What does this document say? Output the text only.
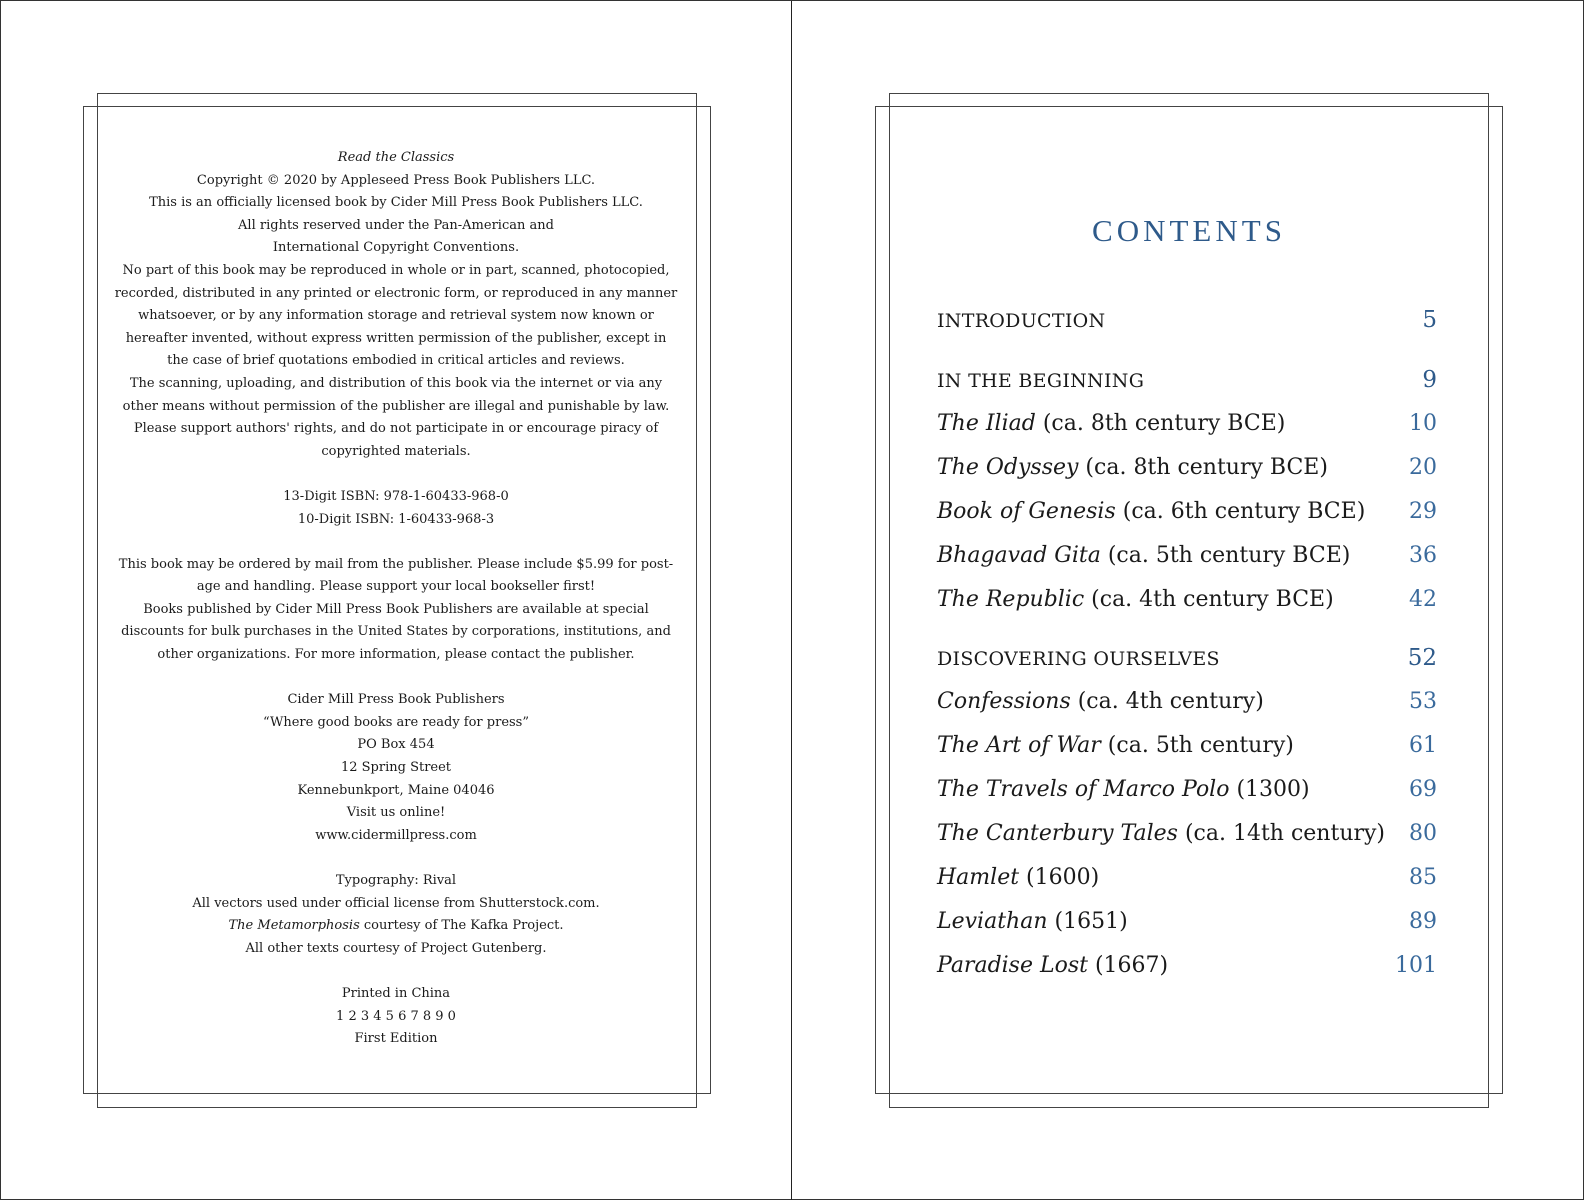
Read the Classics

Copyright © 2020 by Appleseed Press Book Publishers LLC.

This is an officially licensed book by Cider Mill Press Book Publishers LLC.

All rights reserved under the Pan-American and

International Copyright Conventions.

No part of this book may be reproduced in whole or in part, scanned, photocopied,

recorded, distributed in any printed or electronic form, or reproduced in any manner

whatsoever, or by any information storage and retrieval system now known or

hereafter invented, without express written permission of the publisher, except in

the case of brief quotations embodied in critical articles and reviews.

The scanning, uploading, and distribution of this book via the internet or via any

other means without permission of the publisher are illegal and punishable by law.

Please support authors' rights, and do not participate in or encourage piracy of

copyrighted materials.

13-Digit ISBN: 978-1-60433-968-0

10-Digit ISBN: 1-60433-968-3

This book may be ordered by mail from the publisher. Please include $5.99 for post-

age and handling. Please support your local bookseller first!

Books published by Cider Mill Press Book Publishers are available at special

discounts for bulk purchases in the United States by corporations, institutions, and

other organizations. For more information, please contact the publisher.

Cider Mill Press Book Publishers

“Where good books are ready for press”

PO Box 454

12 Spring Street

Kennebunkport, Maine 04046

Visit us online!

www.cidermillpress.com

Typography: Rival

All vectors used under official license from Shutterstock.com.

The Metamorphosis courtesy of The Kafka Project.

All other texts courtesy of Project Gutenberg.

Printed in China

1 2 3 4 5 6 7 8 9 0

First Edition

CONTENTS
INTRODUCTION	5
IN THE BEGINNING	9
The Iliad (ca. 8th century BCE)	10
The Odyssey (ca. 8th century BCE)	20
Book of Genesis (ca. 6th century BCE) 29
Bhagavad Gita (ca. 5th century BCE)	36
The Republic (ca. 4th century BCE)	42
DISCOVERING OURSELVES	52
Confessions (ca. 4th century)	53
The Art of War (ca. 5th century)	61
The Travels of Marco Polo (1300)	69
The Canterbury Tales (ca. 14th century) 80
Hamlet (1600)	85
Leviathan (1651)	89
Paradise Lost (1667)	101
